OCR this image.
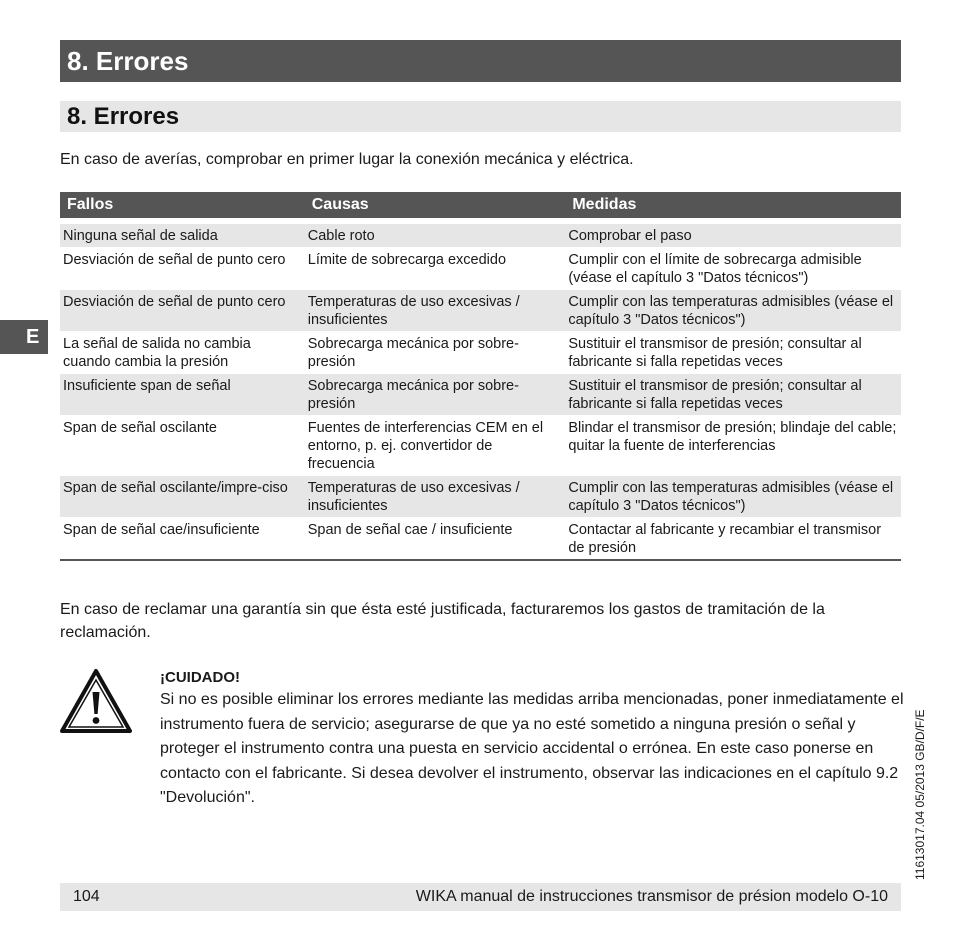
8. Errores
8. Errores
En caso de averías, comprobar en primer lugar la conexión mecánica y eléctrica.
E
Fallos	Causas	Medidas
Ninguna señal de salida	Cable roto	Comprobar el paso
Desviación de señal de punto cero	Límite de sobrecarga excedido	Cumplir con el límite de sobrecarga admisible (véase el capítulo 3 "Datos técnicos")
Desviación de señal de punto cero	Temperaturas de uso excesivas / insuficientes	Cumplir con las temperaturas admisibles (véase el capítulo 3 "Datos técnicos")
La señal de salida no cambia cuando cambia la presión	Sobrecarga mecánica por sobre-presión	Sustituir el transmisor de presión; consultar al fabricante si falla repetidas veces
Insuficiente span de señal	Sobrecarga mecánica por sobre-presión	Sustituir el transmisor de presión; consultar al fabricante si falla repetidas veces
Span de señal oscilante	Fuentes de interferencias CEM en el entorno, p. ej. convertidor de frecuencia	Blindar el transmisor de presión; blindaje del cable; quitar la fuente de interferencias
Span de señal oscilante/impre-ciso	Temperaturas de uso excesivas / insuficientes	Cumplir con las temperaturas admisibles (véase el capítulo 3 "Datos técnicos")
Span de señal cae/insuficiente	Span de señal cae / insuficiente	Contactar al fabricante y recambiar el transmisor de presión
En caso de reclamar una garantía sin que ésta esté justificada, facturaremos los gastos de tramitación de la reclamación.
¡CUIDADO!
Si no es posible eliminar los errores mediante las medidas arriba mencionadas, poner inmediatamente el instrumento fuera de servicio; asegurarse de que ya no esté sometido a ninguna presión o señal y proteger el instrumento contra una puesta en servicio accidental o errónea. En este caso ponerse en contacto con el fabricante. Si desea devolver el instrumento, observar las indicaciones en el capítulo 9.2 "Devolución".
104	WIKA manual de instrucciones transmisor de présion modelo O-10
11613017.04 05/2013 GB/D/F/E
